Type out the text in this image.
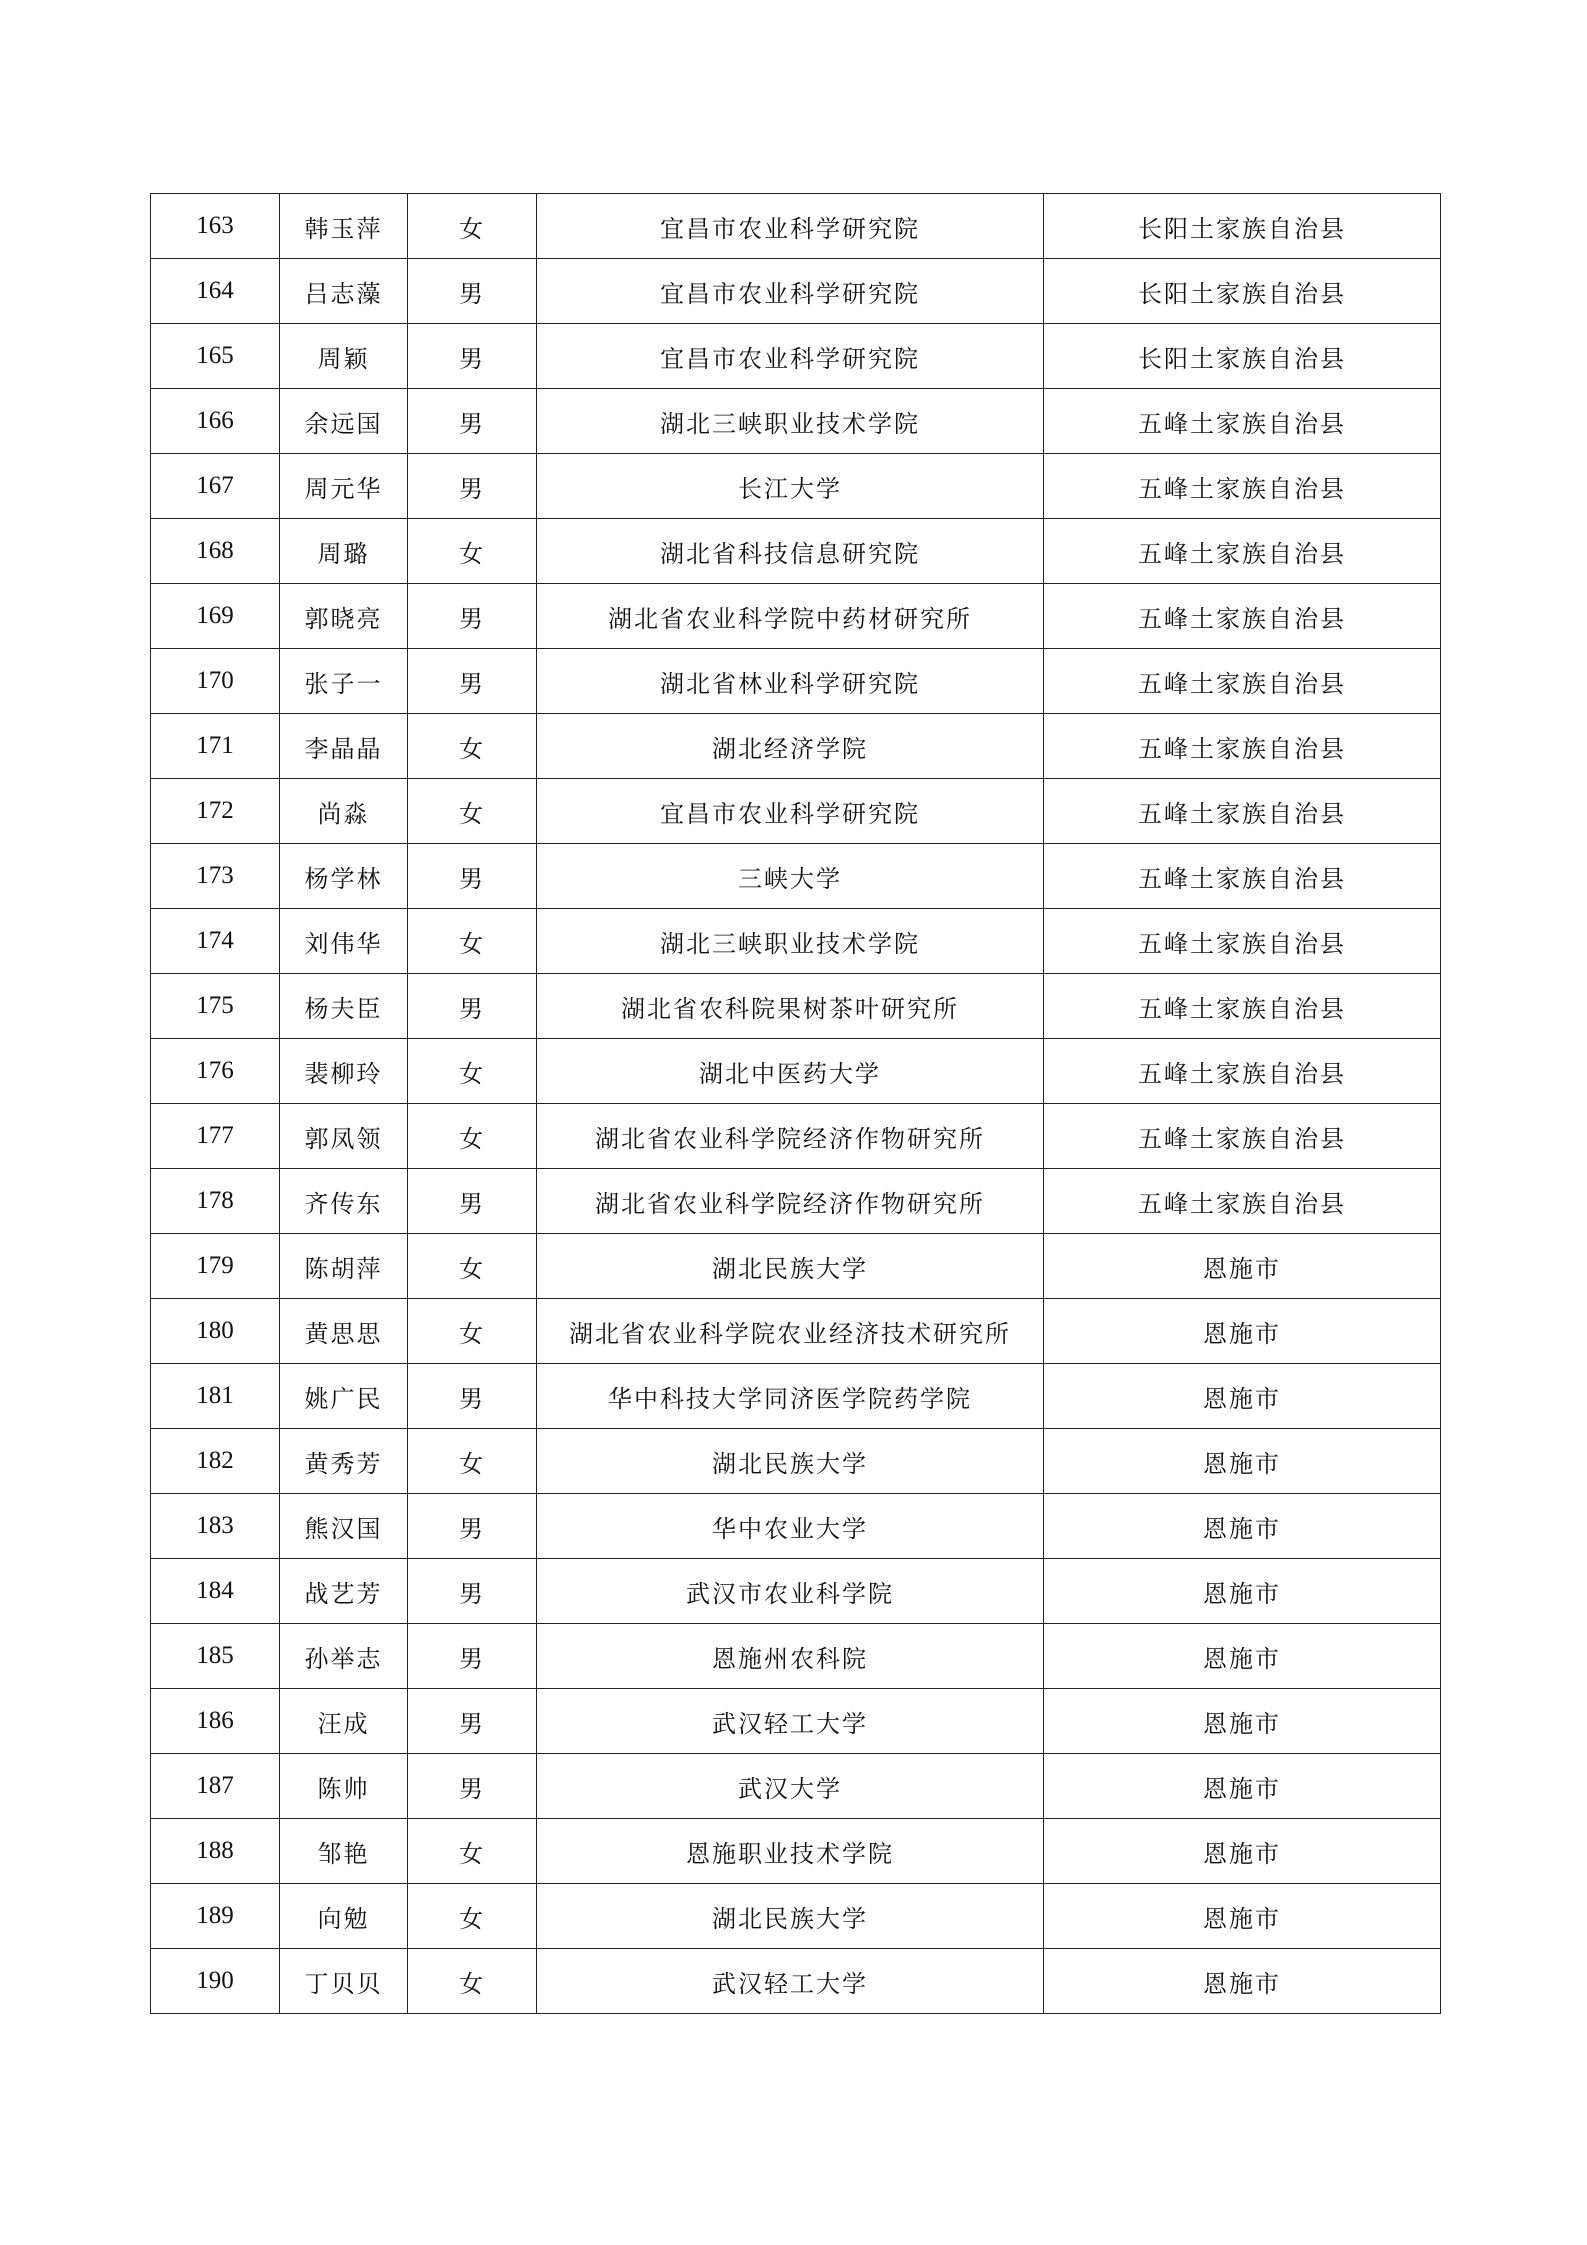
163	韩玉萍	女	宜昌市农业科学研究院	长阳土家族自治县
164	吕志藻	男	宜昌市农业科学研究院	长阳土家族自治县
165	周颖	男	宜昌市农业科学研究院	长阳土家族自治县
166	余远国	男	湖北三峡职业技术学院	五峰土家族自治县
167	周元华	男	长江大学	五峰土家族自治县
168	周璐	女	湖北省科技信息研究院	五峰土家族自治县
169	郭晓亮	男	湖北省农业科学院中药材研究所	五峰土家族自治县
170	张子一	男	湖北省林业科学研究院	五峰土家族自治县
171	李晶晶	女	湖北经济学院	五峰土家族自治县
172	尚淼	女	宜昌市农业科学研究院	五峰土家族自治县
173	杨学林	男	三峡大学	五峰土家族自治县
174	刘伟华	女	湖北三峡职业技术学院	五峰土家族自治县
175	杨夫臣	男	湖北省农科院果树茶叶研究所	五峰土家族自治县
176	裴柳玲	女	湖北中医药大学	五峰土家族自治县
177	郭凤领	女	湖北省农业科学院经济作物研究所	五峰土家族自治县
178	齐传东	男	湖北省农业科学院经济作物研究所	五峰土家族自治县
179	陈胡萍	女	湖北民族大学	恩施市
180	黄思思	女	湖北省农业科学院农业经济技术研究所	恩施市
181	姚广民	男	华中科技大学同济医学院药学院	恩施市
182	黄秀芳	女	湖北民族大学	恩施市
183	熊汉国	男	华中农业大学	恩施市
184	战艺芳	男	武汉市农业科学院	恩施市
185	孙举志	男	恩施州农科院	恩施市
186	汪成	男	武汉轻工大学	恩施市
187	陈帅	男	武汉大学	恩施市
188	邹艳	女	恩施职业技术学院	恩施市
189	向勉	女	湖北民族大学	恩施市
190	丁贝贝	女	武汉轻工大学	恩施市
